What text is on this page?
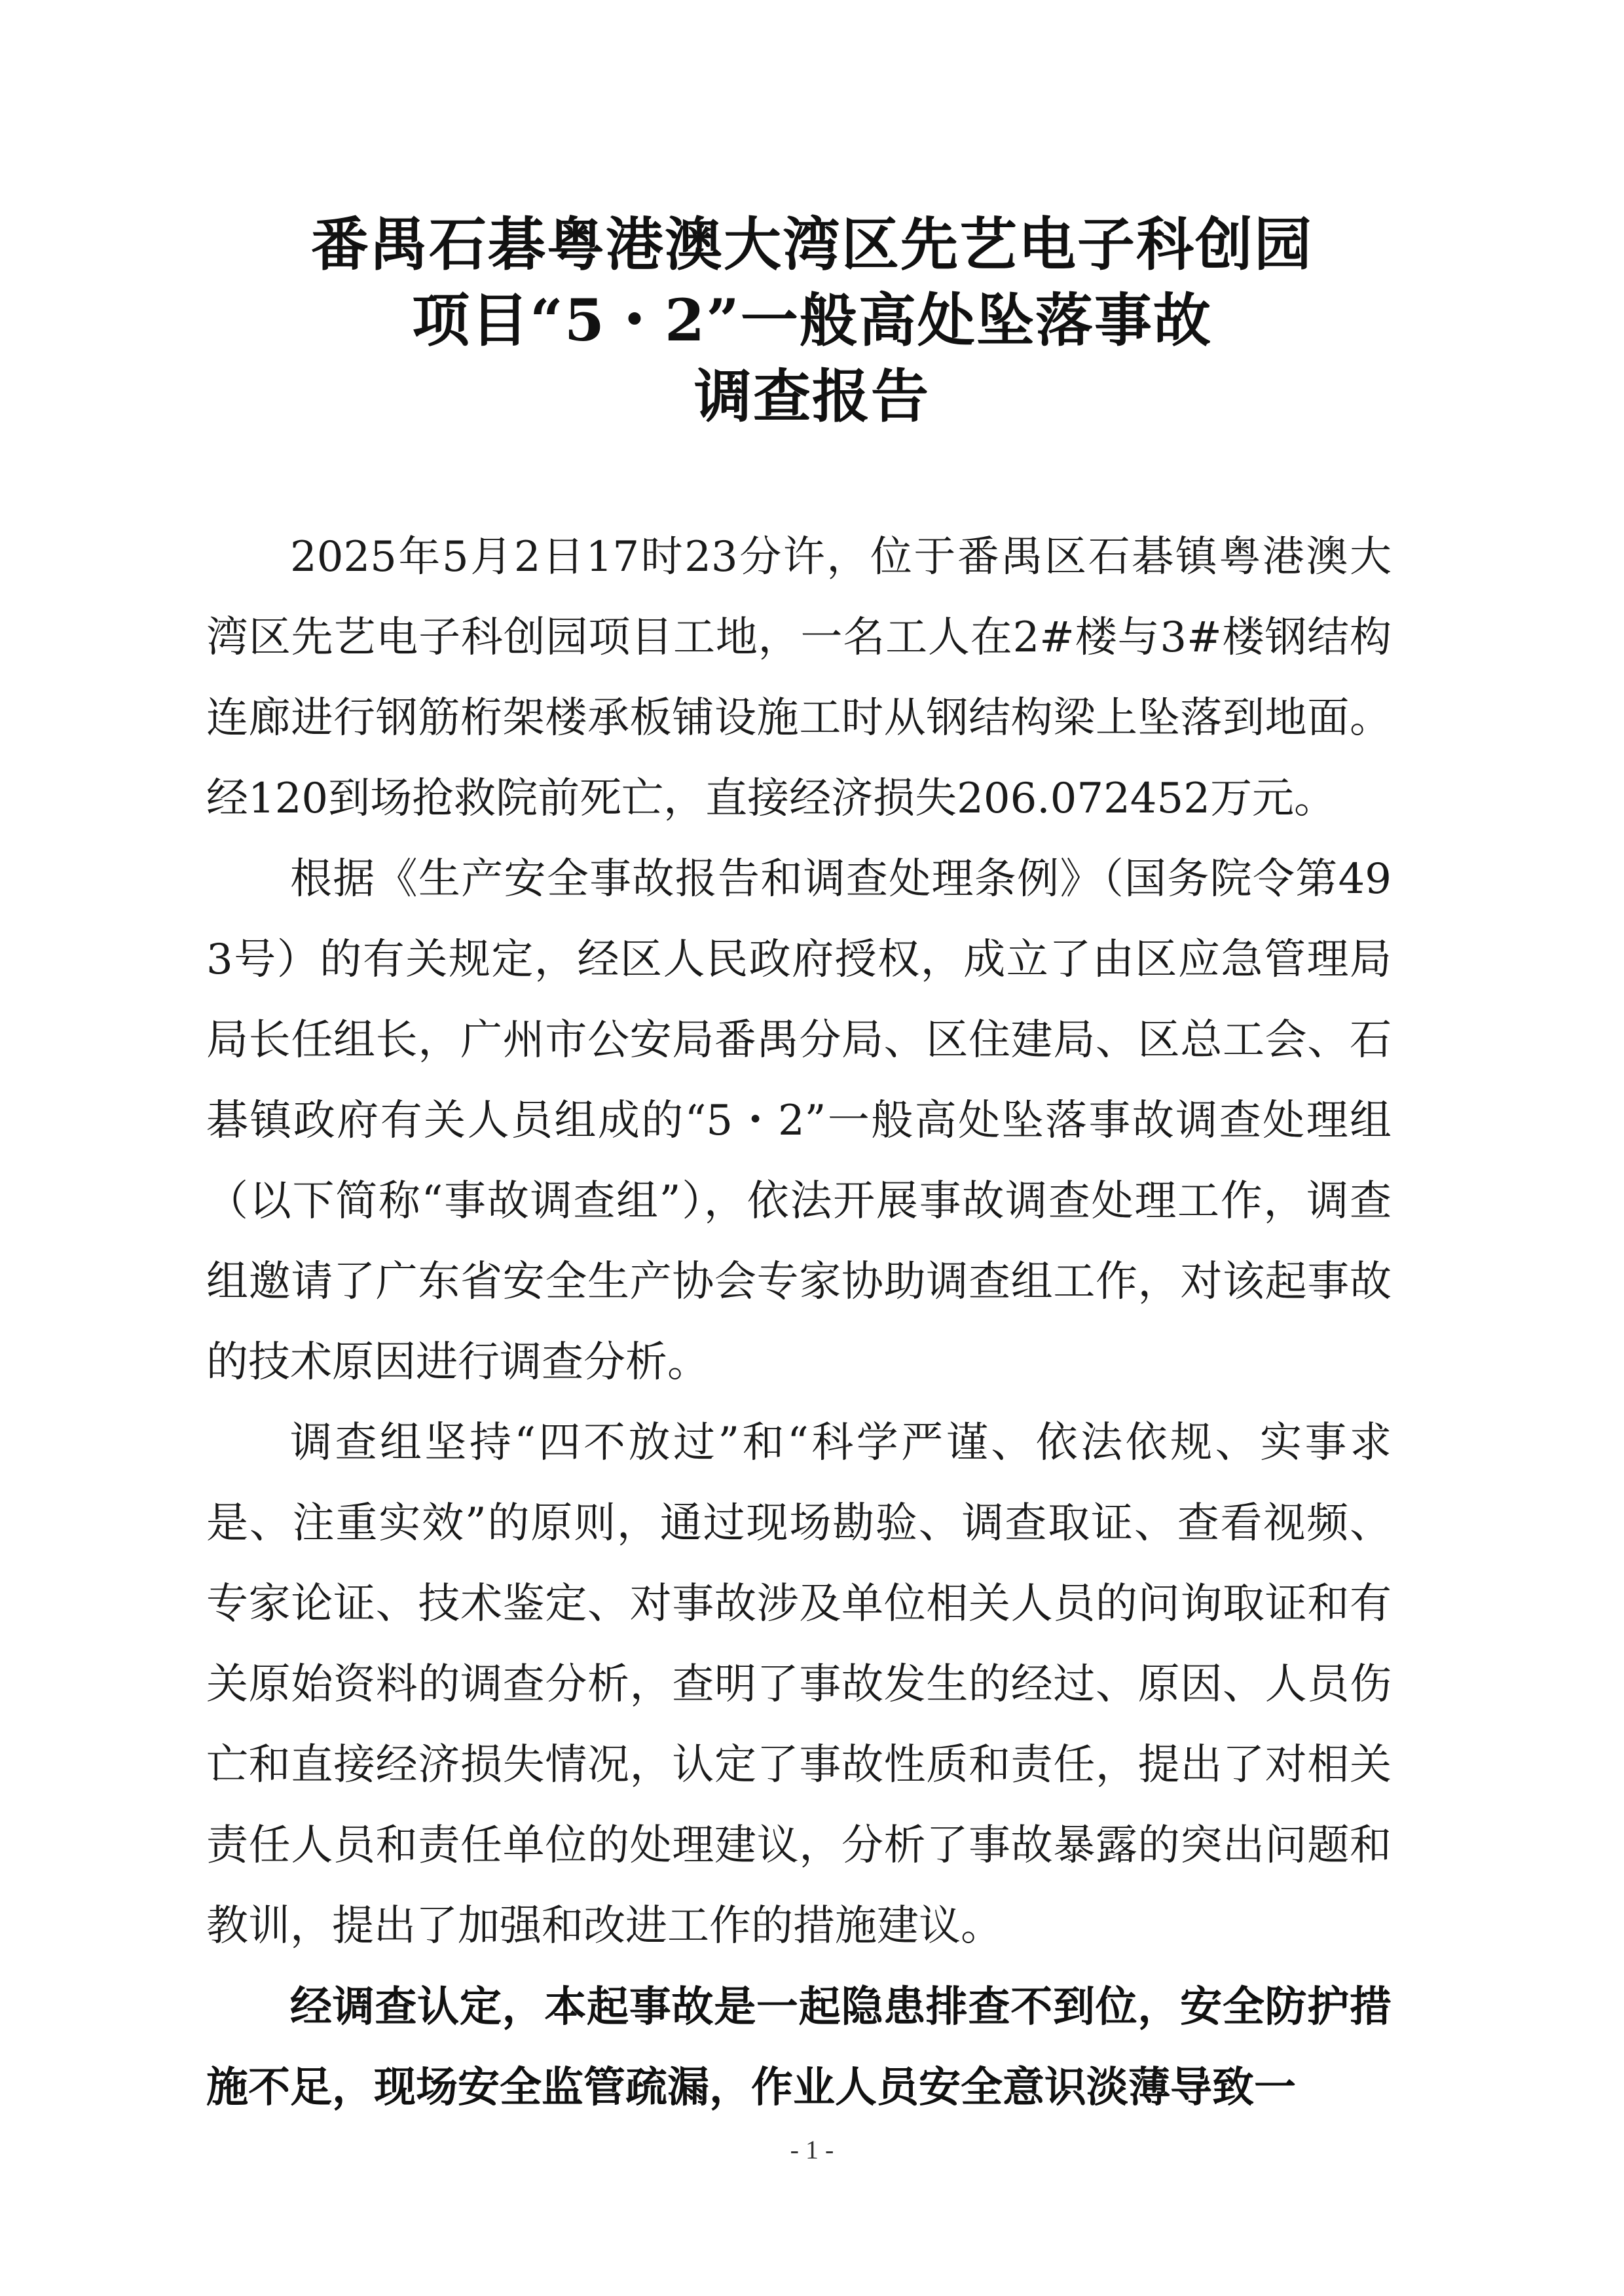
番禺石碁粤港澳大湾区先艺电子科创园
项目“5・2”一般高处坠落事故
调查报告

2025年5月2日17时23分许，位于番禺区石碁镇粤港澳大湾区先艺电子科创园项目工地，一名工人在2#楼与3#楼钢结构连廊进行钢筋桁架楼承板铺设施工时从钢结构梁上坠落到地面。经120到场抢救院前死亡，直接经济损失206.072452万元。

根据《生产安全事故报告和调查处理条例》（国务院令第493号）的有关规定，经区人民政府授权，成立了由区应急管理局局长任组长，广州市公安局番禺分局、区住建局、区总工会、石碁镇政府有关人员组成的“5・2”一般高处坠落事故调查处理组（以下简称“事故调查组”），依法开展事故调查处理工作，调查组邀请了广东省安全生产协会专家协助调查组工作，对该起事故的技术原因进行调查分析。

调查组坚持“四不放过”和“科学严谨、依法依规、实事求是、注重实效”的原则，通过现场勘验、调查取证、查看视频、专家论证、技术鉴定、对事故涉及单位相关人员的问询取证和有关原始资料的调查分析，查明了事故发生的经过、原因、人员伤亡和直接经济损失情况，认定了事故性质和责任，提出了对相关责任人员和责任单位的处理建议，分析了事故暴露的突出问题和教训，提出了加强和改进工作的措施建议。

经调查认定，本起事故是一起隐患排查不到位，安全防护措施不足，现场安全监管疏漏，作业人员安全意识淡薄导致一

- 1 -
